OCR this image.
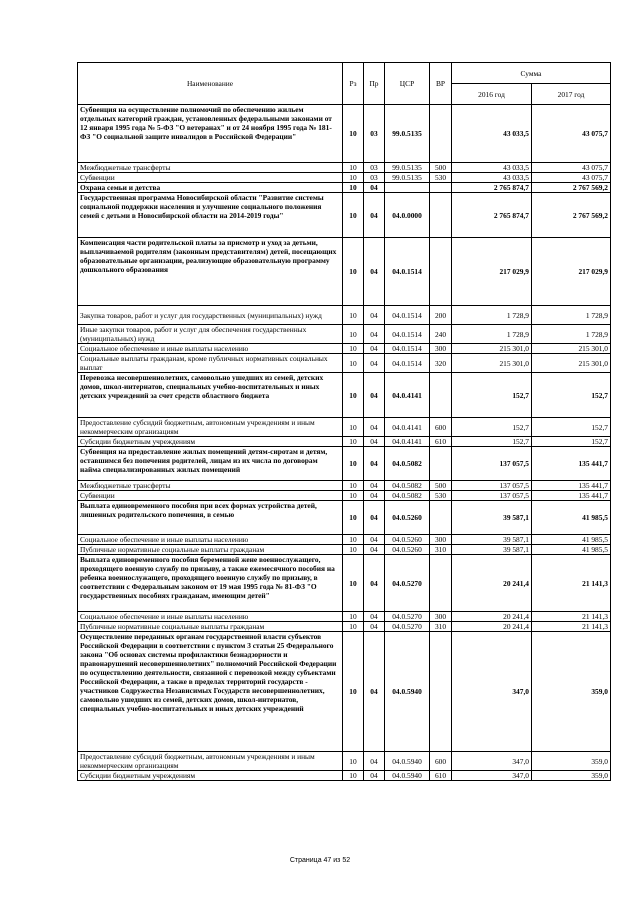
Наименование	Рз	Пр	ЦСР	ВР	Сумма	
					2016 год	2017 год
Субвенция на осуществление полномочий по обеспечению жильем отдельных категорий граждан, установленных федеральными законами от 12 января 1995 года № 5-ФЗ "О ветеранах" и от 24 ноября 1995 года № 181-ФЗ "О социальной защите инвалидов в Российской Федерации"	10	03	99.0.5135		43 033,5	43 075,7
Межбюджетные трансферты	10	03	99.0.5135	500	43 033,5	43 075,7
Субвенции	10	03	99.0.5135	530	43 033,5	43 075,7
Охрана семьи и детства	10	04			2 765 874,7	2 767 569,2
Государственная программа Новосибирской области "Развитие системы социальной поддержки населения и улучшение социального положения семей с детьми в Новосибирской области на 2014-2019 годы"	10	04	04.0.0000		2 765 874,7	2 767 569,2
Компенсация части родительской платы за присмотр и уход за детьми, выплачиваемой родителям (законным представителям) детей, посещающих образовательные организации, реализующие образовательную программу дошкольного образования	10	04	04.0.1514		217 029,9	217 029,9
Закупка товаров, работ и услуг для государственных (муниципальных) нужд	10	04	04.0.1514	200	1 728,9	1 728,9
Иные закупки товаров, работ и услуг для обеспечения государственных (муниципальных) нужд	10	04	04.0.1514	240	1 728,9	1 728,9
Социальное обеспечение и иные выплаты населению	10	04	04.0.1514	300	215 301,0	215 301,0
Социальные выплаты гражданам, кроме публичных нормативных социальных выплат	10	04	04.0.1514	320	215 301,0	215 301,0
Перевозка несовершеннолетних, самовольно ушедших из семей, детских домов, школ-интернатов, специальных учебно-воспитательных и иных детских учреждений за счет средств областного бюджета	10	04	04.0.4141		152,7	152,7
Предоставление субсидий бюджетным, автономным учреждениям и иным некоммерческим организациям	10	04	04.0.4141	600	152,7	152,7
Субсидии бюджетным учреждениям	10	04	04.0.4141	610	152,7	152,7
Субвенция на предоставление жилых помещений детям-сиротам и детям, оставшимся без попечения родителей, лицам из их числа по договорам найма специализированных жилых помещений	10	04	04.0.5082		137 057,5	135 441,7
Межбюджетные трансферты	10	04	04.0.5082	500	137 057,5	135 441,7
Субвенции	10	04	04.0.5082	530	137 057,5	135 441,7
Выплата единовременного пособия при всех формах устройства детей, лишенных родительского попечения, в семью	10	04	04.0.5260		39 587,1	41 985,5
Социальное обеспечение и иные выплаты населению	10	04	04.0.5260	300	39 587,1	41 985,5
Публичные нормативные социальные выплаты гражданам	10	04	04.0.5260	310	39 587,1	41 985,5
Выплата единовременного пособия беременной жене военнослужащего, проходящего военную службу по призыву, а также ежемесячного пособия на ребенка военнослужащего, проходящего военную службу по призыву, в соответствии с Федеральным законом от 19 мая 1995 года № 81-ФЗ "О государственных пособиях гражданам, имеющим детей"	10	04	04.0.5270		20 241,4	21 141,3
Социальное обеспечение и иные выплаты населению	10	04	04.0.5270	300	20 241,4	21 141,3
Публичные нормативные социальные выплаты гражданам	10	04	04.0.5270	310	20 241,4	21 141,3
Осуществление переданных органам государственной власти субъектов Российской Федерации в соответствии с пунктом 3 статьи 25 Федерального закона "Об основах системы профилактики безнадзорности и правонарушений несовершеннолетних" полномочий Российской Федерации по осуществлению деятельности, связанной с перевозкой между субъектами Российской Федерации, а также в пределах территорий государств - участников Содружества Независимых Государств несовершеннолетних, самовольно ушедших из семей, детских домов, школ-интернатов, специальных учебно-воспитательных и иных детских учреждений	10	04	04.0.5940		347,0	359,0
Предоставление субсидий бюджетным, автономным учреждениям и иным некоммерческим организациям	10	04	04.0.5940	600	347,0	359,0
Субсидии бюджетным учреждениям	10	04	04.0.5940	610	347,0	359,0
Страница 47 из 52
